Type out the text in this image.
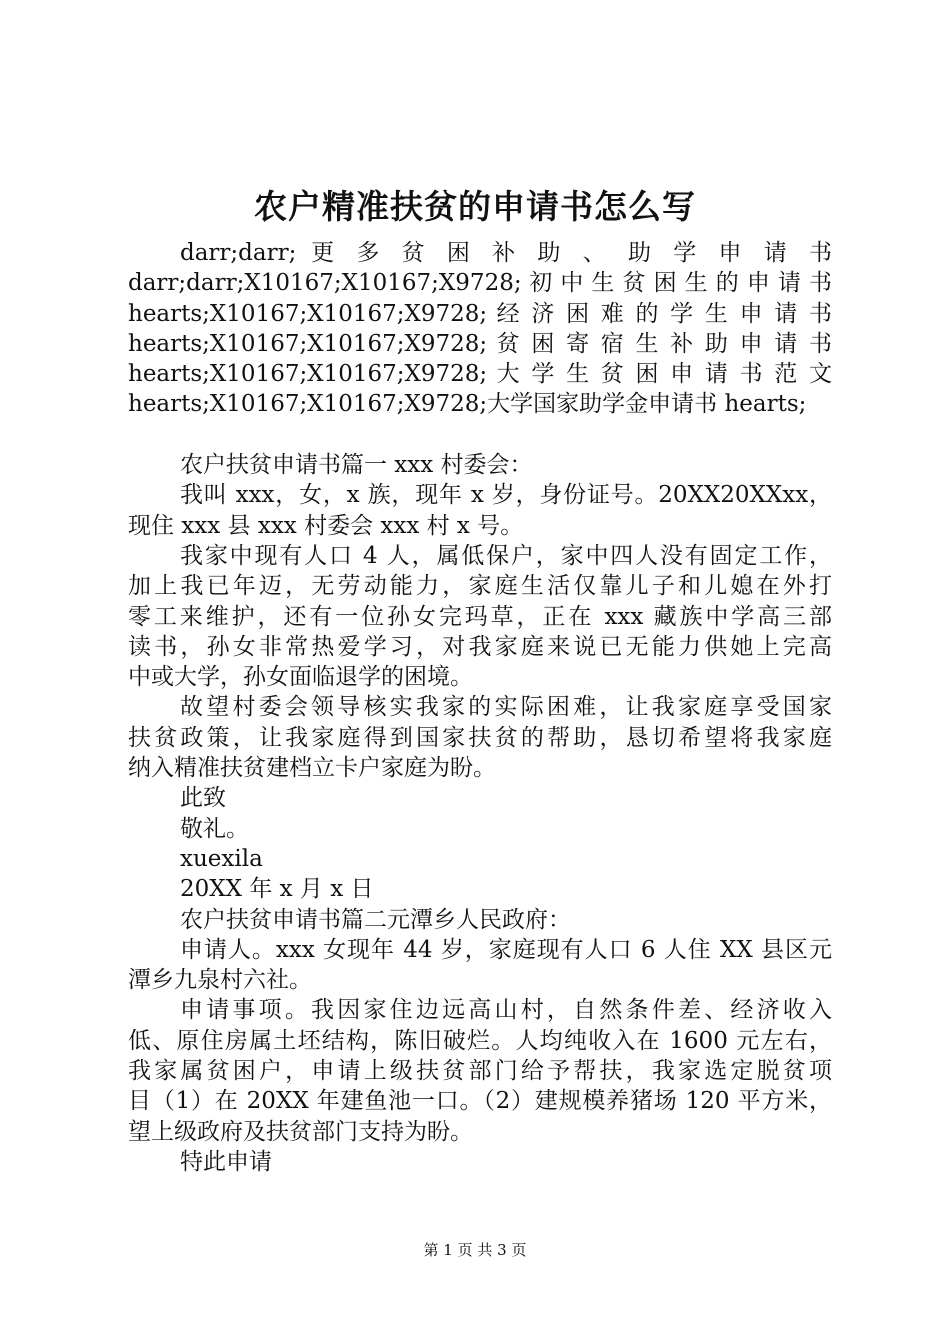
农户精准扶贫的申请书怎么写
darr;darr; 更 多 贫 困 补 助 、 助 学 申 请 书
darr;darr;X10167;X10167;X9728; 初 中 生 贫 困 生 的 申 请 书
hearts;X10167;X10167;X9728; 经 济 困 难 的 学 生 申 请 书
hearts;X10167;X10167;X9728; 贫 困 寄 宿 生 补 助 申 请 书
hearts;X10167;X10167;X9728; 大 学 生 贫 困 申 请 书 范 文
hearts;X10167;X10167;X9728;大学国家助学金申请书 hearts;
农户扶贫申请书篇一 xxx 村委会：
我叫 xxx，女，x 族，现年 x 岁，身份证号。20XX20XXxx，
现住 xxx 县 xxx 村委会 xxx 村 x 号。
我家中现有人口 4 人，属低保户，家中四人没有固定工作，
加上我已年迈，无劳动能力，家庭生活仅靠儿子和儿媳在外打
零工来维护，还有一位孙女完玛草，正在 xxx 藏族中学高三部
读书，孙女非常热爱学习，对我家庭来说已无能力供她上完高
中或大学，孙女面临退学的困境。
故望村委会领导核实我家的实际困难，让我家庭享受国家
扶贫政策，让我家庭得到国家扶贫的帮助，恳切希望将我家庭
纳入精准扶贫建档立卡户家庭为盼。
此致
敬礼。
xuexila
20XX 年 x 月 x 日
农户扶贫申请书篇二元潭乡人民政府：
申请人。xxx 女现年 44 岁，家庭现有人口 6 人住 XX 县区元
潭乡九泉村六社。
申请事项。我因家住边远高山村，自然条件差、经济收入
低、原住房属土坯结构，陈旧破烂。人均纯收入在 1600 元左右，
我家属贫困户，申请上级扶贫部门给予帮扶，我家选定脱贫项
目（1）在 20XX 年建鱼池一口。（2）建规模养猪场 120 平方米，
望上级政府及扶贫部门支持为盼。
特此申请
第 1 页 共 3 页
